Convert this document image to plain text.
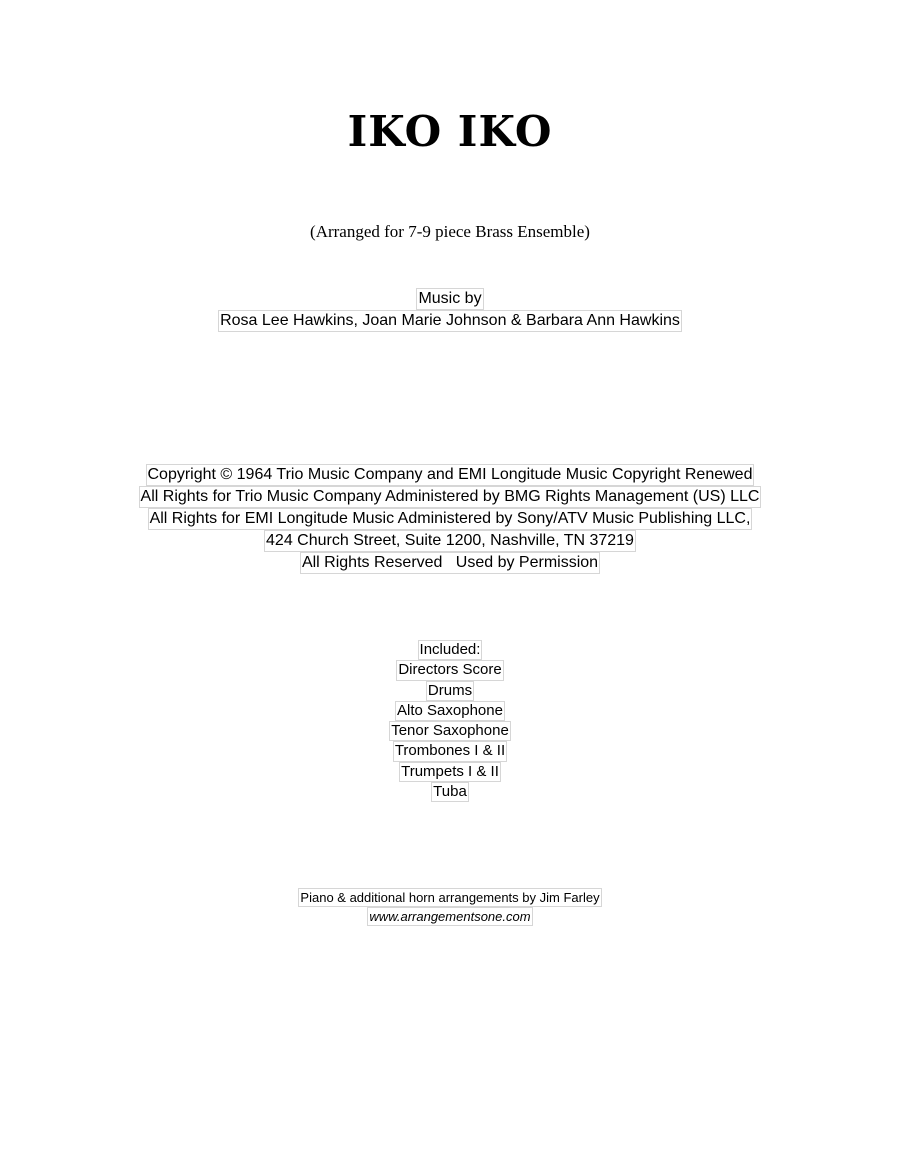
IKO IKO
(Arranged for 7-9 piece Brass Ensemble)
Music by
Rosa Lee Hawkins, Joan Marie Johnson & Barbara Ann Hawkins
Copyright © 1964 Trio Music Company and EMI Longitude Music Copyright Renewed
All Rights for Trio Music Company Administered by BMG Rights Management (US) LLC
All Rights for EMI Longitude Music Administered by Sony/ATV Music Publishing LLC,
424 Church Street, Suite 1200, Nashville, TN 37219
All Rights Reserved   Used by Permission
Included:
Directors Score
Drums
Alto Saxophone
Tenor Saxophone
Trombones I & II
Trumpets I & II
Tuba
Piano & additional horn arrangements by Jim Farley
www.arrangementsone.com
